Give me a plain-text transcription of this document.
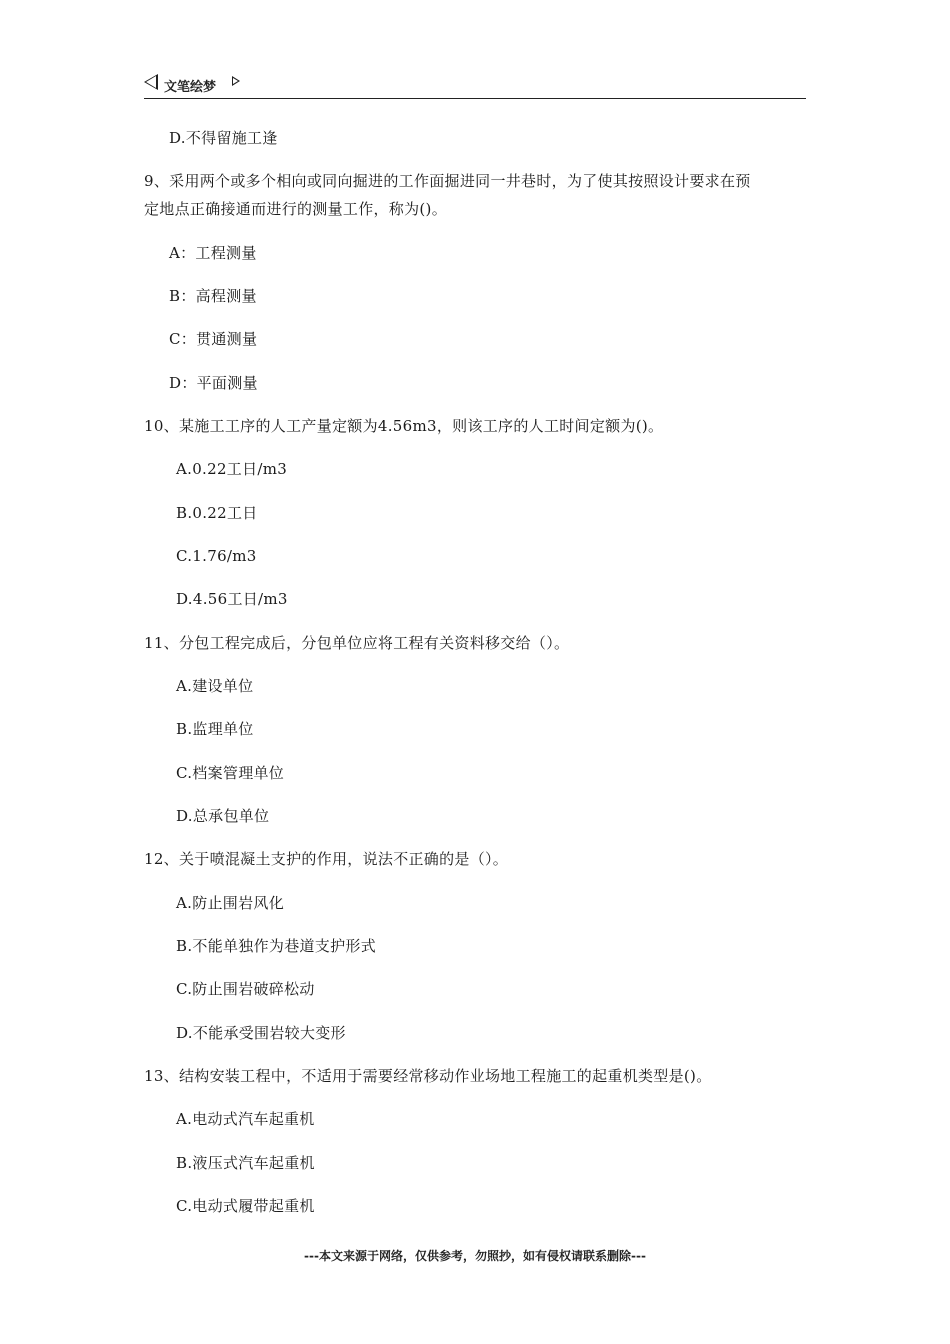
文笔绘梦
D.不得留施工逢
9、采用两个或多个相向或同向掘进的工作面掘进同一井巷时，为了使其按照设计要求在预
定地点正确接通而进行的测量工作，称为()。
A：工程测量
B：高程测量
C：贯通测量
D：平面测量
10、某施工工序的人工产量定额为4.56m3，则该工序的人工时间定额为()。
A.0.22工日/m3
B.0.22工日
C.1.76/m3
D.4.56工日/m3
11、分包工程完成后，分包单位应将工程有关资料移交给（）。
A.建设单位
B.监理单位
C.档案管理单位
D.总承包单位
12、关于喷混凝土支护的作用，说法不正确的是（）。
A.防止围岩风化
B.不能单独作为巷道支护形式
C.防止围岩破碎松动
D.不能承受围岩较大变形
13、结构安装工程中，不适用于需要经常移动作业场地工程施工的起重机类型是()。
A.电动式汽车起重机
B.液压式汽车起重机
C.电动式履带起重机
---本文来源于网络，仅供参考，勿照抄，如有侵权请联系删除---
